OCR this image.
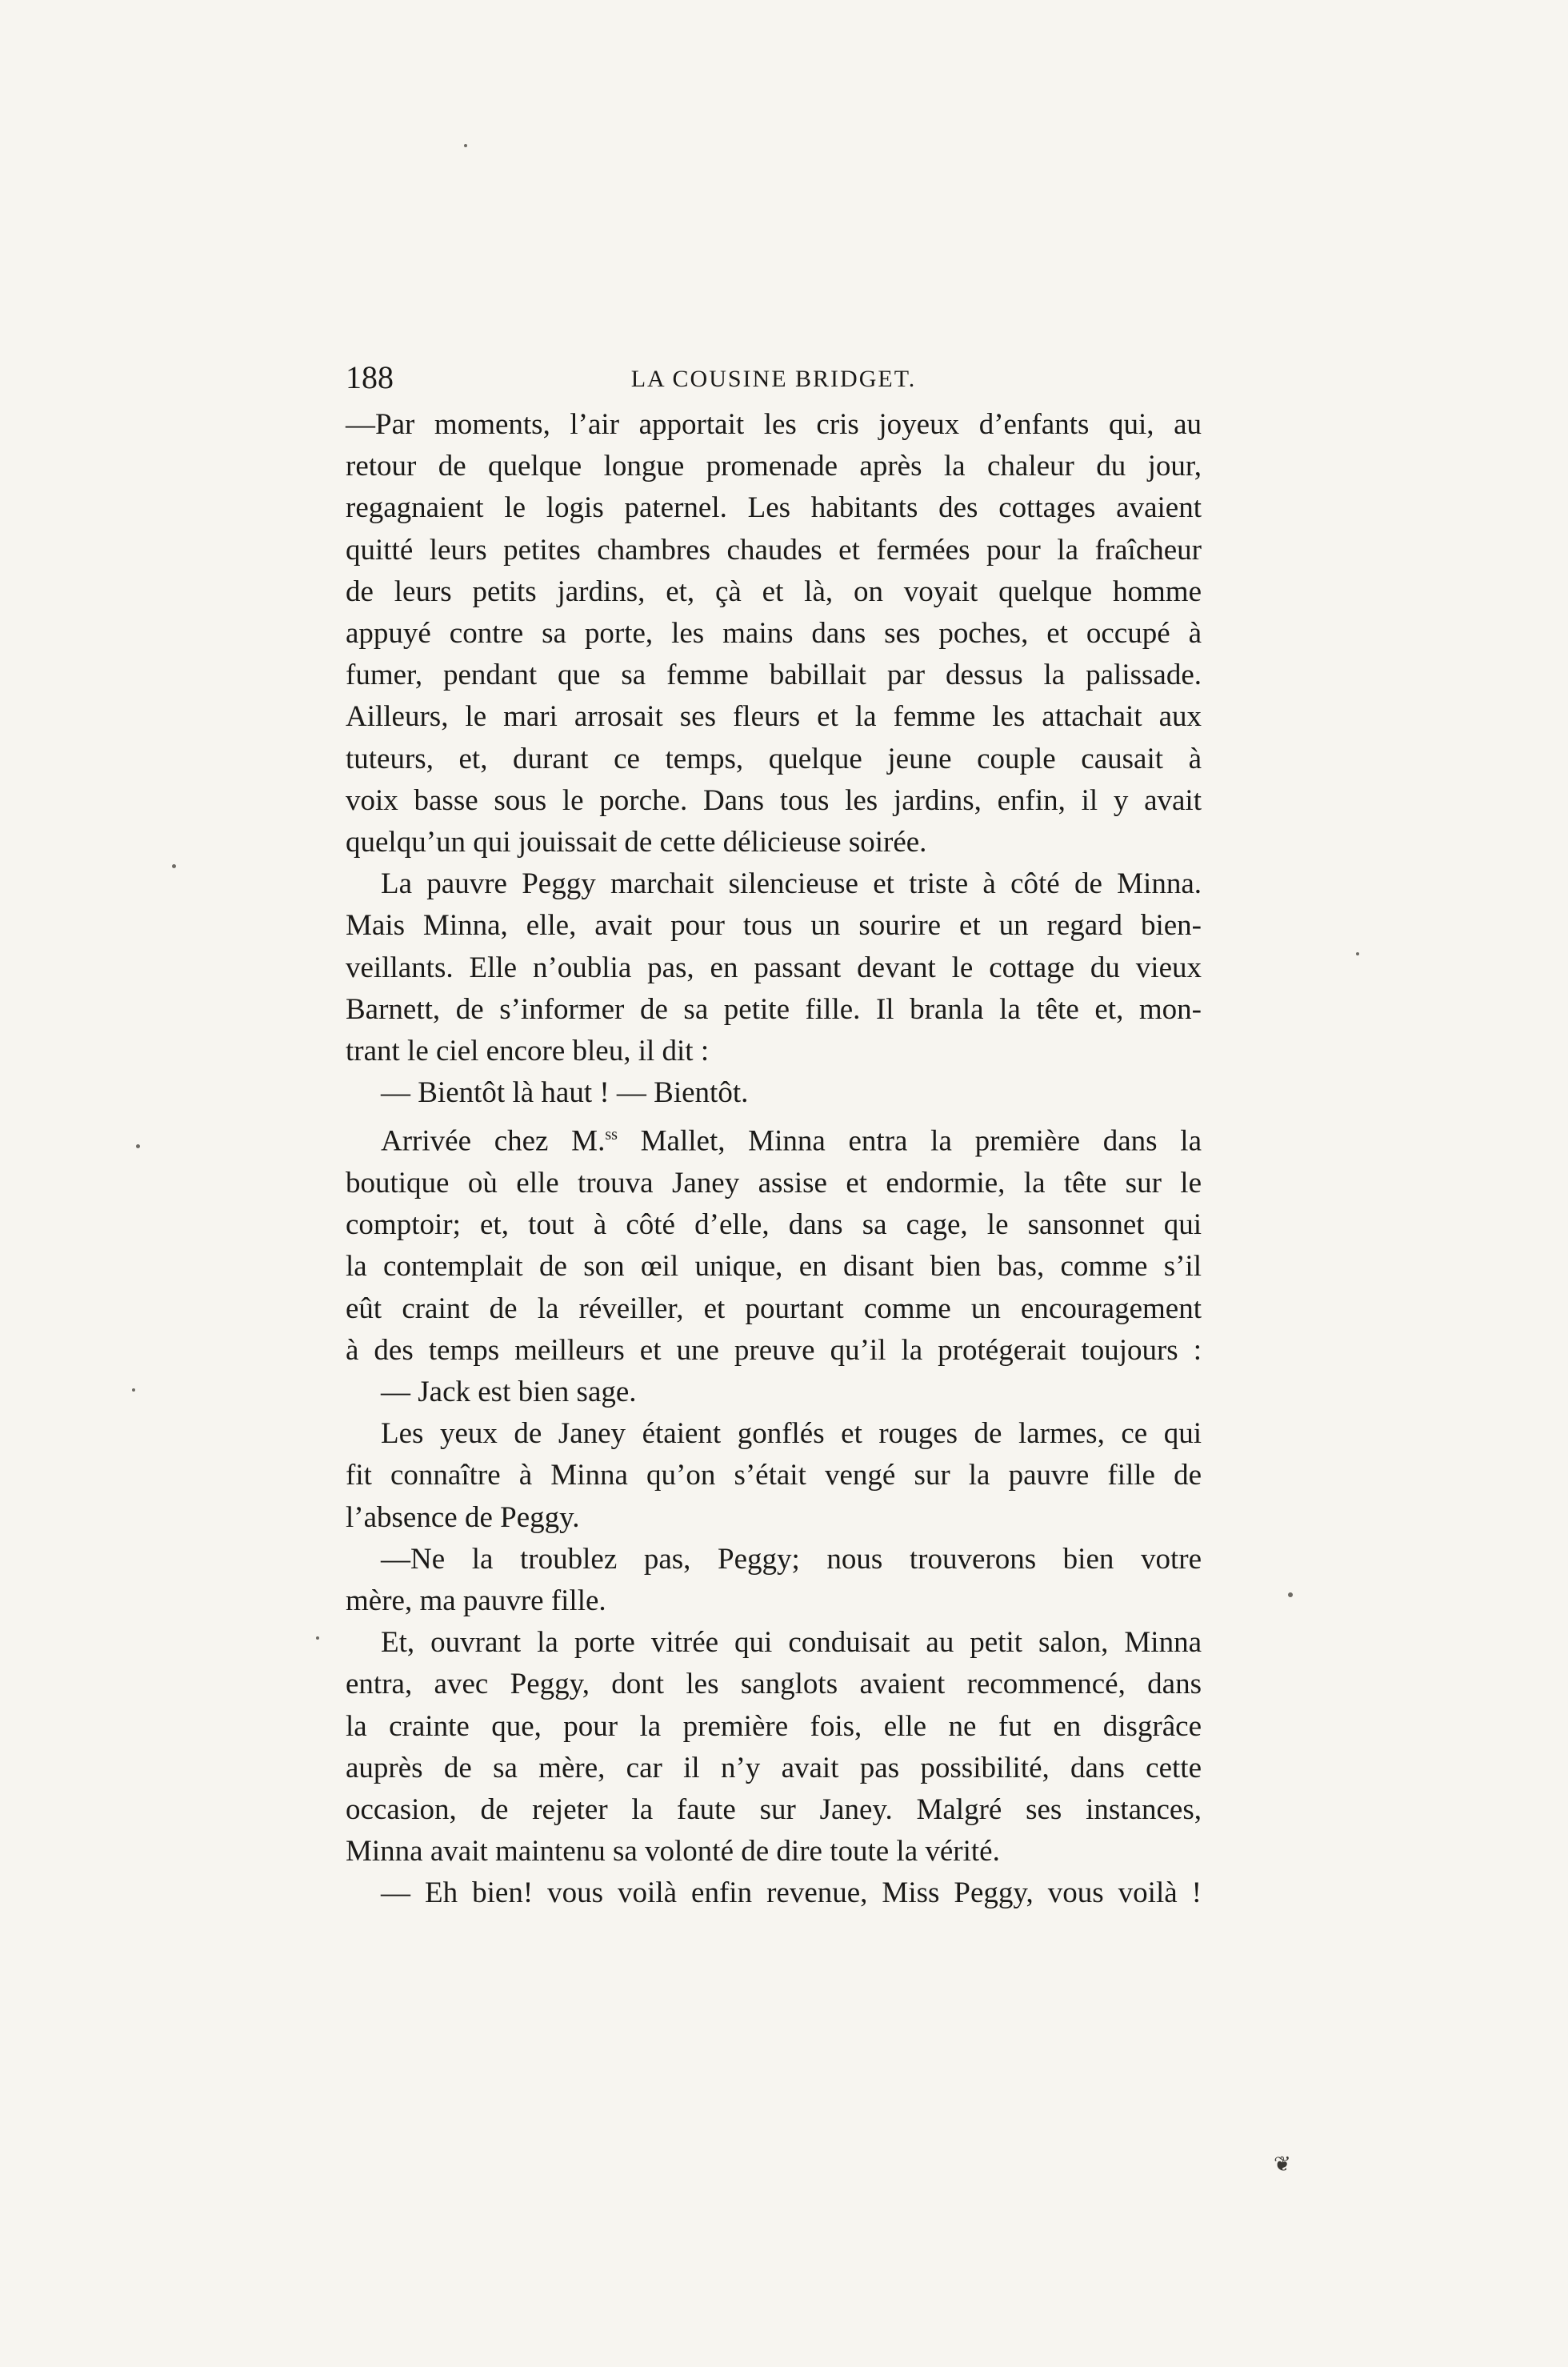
188	LA COUSINE BRIDGET.
—Par moments, l’air apportait les cris joyeux d’enfants qui, au
retour de quelque longue promenade après la chaleur du jour,
regagnaient le logis paternel. Les habitants des cottages avaient
quitté leurs petites chambres chaudes et fermées pour la fraîcheur
de leurs petits jardins, et, çà et là, on voyait quelque homme
appuyé contre sa porte, les mains dans ses poches, et occupé à
fumer, pendant que sa femme babillait par dessus la palissade.
Ailleurs, le mari arrosait ses fleurs et la femme les attachait aux
tuteurs, et, durant ce temps, quelque jeune couple causait à
voix basse sous le porche. Dans tous les jardins, enfin, il y avait
quelqu’un qui jouissait de cette délicieuse soirée.
La pauvre Peggy marchait silencieuse et triste à côté de Minna.
Mais Minna, elle, avait pour tous un sourire et un regard bien-
veillants. Elle n’oublia pas, en passant devant le cottage du vieux
Barnett, de s’informer de sa petite fille. Il branla la tête et, mon-
trant le ciel encore bleu, il dit :
— Bientôt là haut ! — Bientôt.
Arrivée chez M.$^{ss}$ Mallet, Minna entra la première dans la
boutique où elle trouva Janey assise et endormie, la tête sur le
comptoir; et, tout à côté d’elle, dans sa cage, le sansonnet qui
la contemplait de son œil unique, en disant bien bas, comme s’il
eût craint de la réveiller, et pourtant comme un encouragement
à des temps meilleurs et une preuve qu’il la protégerait toujours :
— Jack est bien sage.
Les yeux de Janey étaient gonflés et rouges de larmes, ce qui
fit connaître à Minna qu’on s’était vengé sur la pauvre fille de
l’absence de Peggy.
—Ne la troublez pas, Peggy; nous trouverons bien votre
mère, ma pauvre fille.
Et, ouvrant la porte vitrée qui conduisait au petit salon, Minna
entra, avec Peggy, dont les sanglots avaient recommencé, dans
la crainte que, pour la première fois, elle ne fut en disgrâce
auprès de sa mère, car il n’y avait pas possibilité, dans cette
occasion, de rejeter la faute sur Janey. Malgré ses instances,
Minna avait maintenu sa volonté de dire toute la vérité.
— Eh bien! vous voilà enfin revenue, Miss Peggy, vous voilà !
❦
